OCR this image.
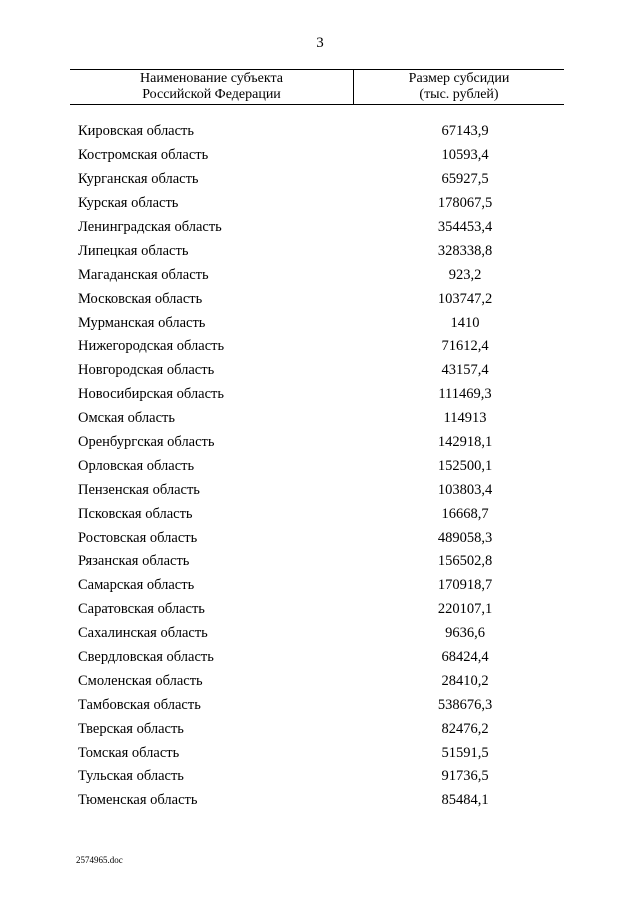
3
Наименование субъекта
Российской Федерации
Размер субсидии
(тыс. рублей)
Кировская область	67143,9
Костромская область	10593,4
Курганская область	65927,5
Курская область	178067,5
Ленинградская область	354453,4
Липецкая область	328338,8
Магаданская область	923,2
Московская область	103747,2
Мурманская область	1410
Нижегородская область	71612,4
Новгородская область	43157,4
Новосибирская область	111469,3
Омская область	114913
Оренбургская область	142918,1
Орловская область	152500,1
Пензенская область	103803,4
Псковская область	16668,7
Ростовская область	489058,3
Рязанская область	156502,8
Самарская область	170918,7
Саратовская область	220107,1
Сахалинская область	9636,6
Свердловская область	68424,4
Смоленская область	28410,2
Тамбовская область	538676,3
Тверская область	82476,2
Томская область	51591,5
Тульская область	91736,5
Тюменская область	85484,1
2574965.doc
